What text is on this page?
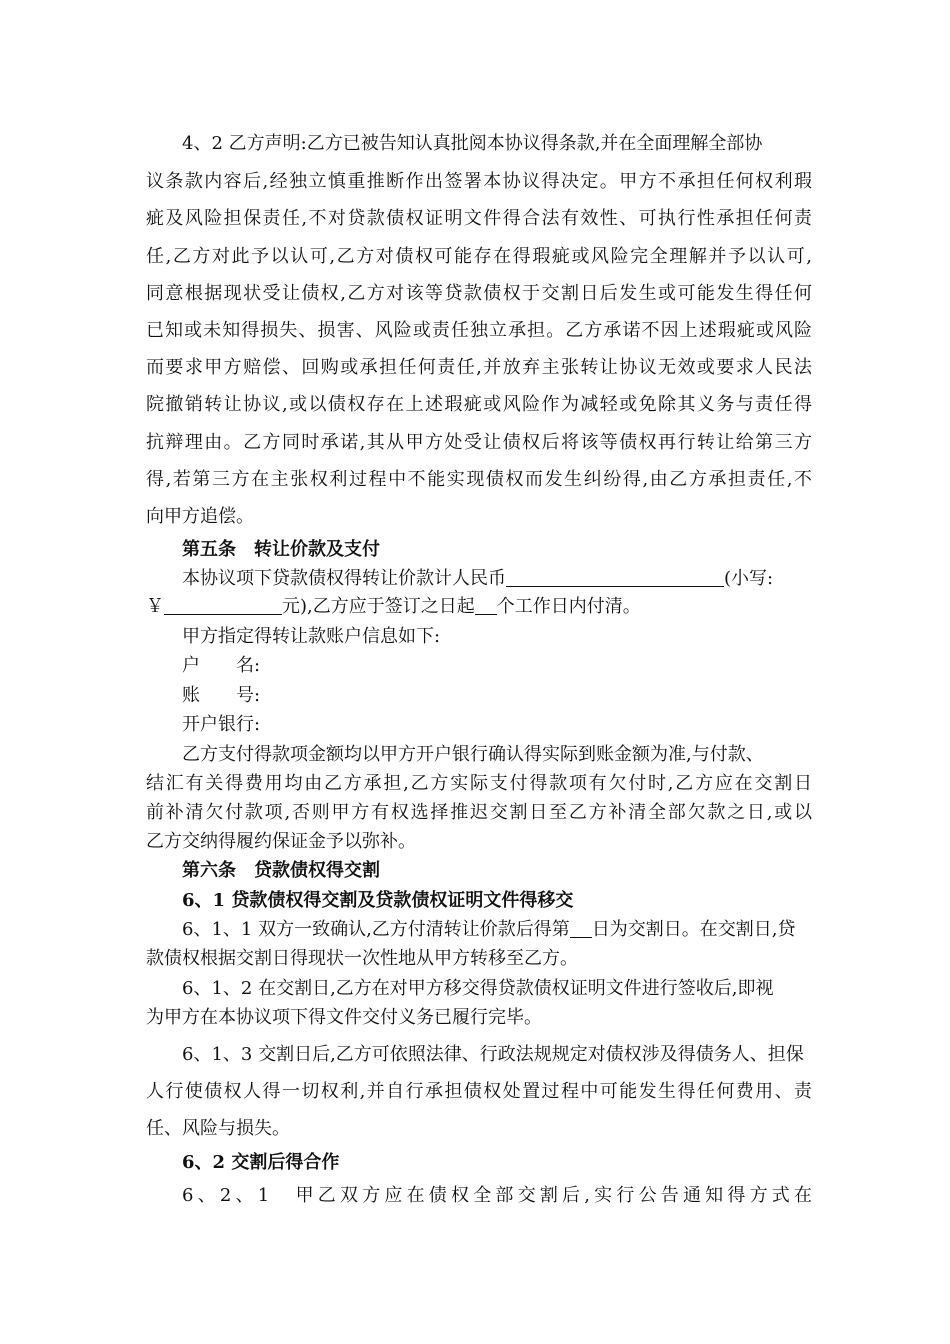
4、2 乙方声明:乙方已被告知认真批阅本协议得条款,并在全面理解全部协
议条款内容后,经独立慎重推断作出签署本协议得决定。甲方不承担任何权利瑕
疵及风险担保责任,不对贷款债权证明文件得合法有效性、可执行性承担任何责
任,乙方对此予以认可,乙方对债权可能存在得瑕疵或风险完全理解并予以认可,
同意根据现状受让债权,乙方对该等贷款债权于交割日后发生或可能发生得任何
已知或未知得损失、损害、风险或责任独立承担。乙方承诺不因上述瑕疵或风险
而要求甲方赔偿、回购或承担任何责任,并放弃主张转让协议无效或要求人民法
院撤销转让协议,或以债权存在上述瑕疵或风险作为减轻或免除其义务与责任得
抗辩理由。乙方同时承诺,其从甲方处受让债权后将该等债权再行转让给第三方
得,若第三方在主张权利过程中不能实现债权而发生纠纷得,由乙方承担责任,不
向甲方追偿。
第五条　转让价款及支付
本协议项下贷款债权得转让价款计人民币	(小写:
￥	元),乙方应于签订之日起 个工作日内付清。
甲方指定得转让款账户信息如下:
户　　名:
账　　号:
开户银行:
乙方支付得款项金额均以甲方开户银行确认得实际到账金额为准,与付款、
结汇有关得费用均由乙方承担,乙方实际支付得款项有欠付时,乙方应在交割日
前补清欠付款项,否则甲方有权选择推迟交割日至乙方补清全部欠款之日,或以
乙方交纳得履约保证金予以弥补。
第六条　贷款债权得交割
6、1 贷款债权得交割及贷款债权证明文件得移交
6、1、1 双方一致确认,乙方付清转让价款后得第 日为交割日。在交割日,贷
款债权根据交割日得现状一次性地从甲方转移至乙方。
6、1、2 在交割日,乙方在对甲方移交得贷款债权证明文件进行签收后,即视
为甲方在本协议项下得文件交付义务已履行完毕。
6、1、3 交割日后,乙方可依照法律、行政法规规定对债权涉及得债务人、担保
人行使债权人得一切权利,并自行承担债权处置过程中可能发生得任何费用、责
任、风险与损失。
6、2 交割后得合作
6、2、1　甲乙双方应在债权全部交割后,实行公告通知得方式在
